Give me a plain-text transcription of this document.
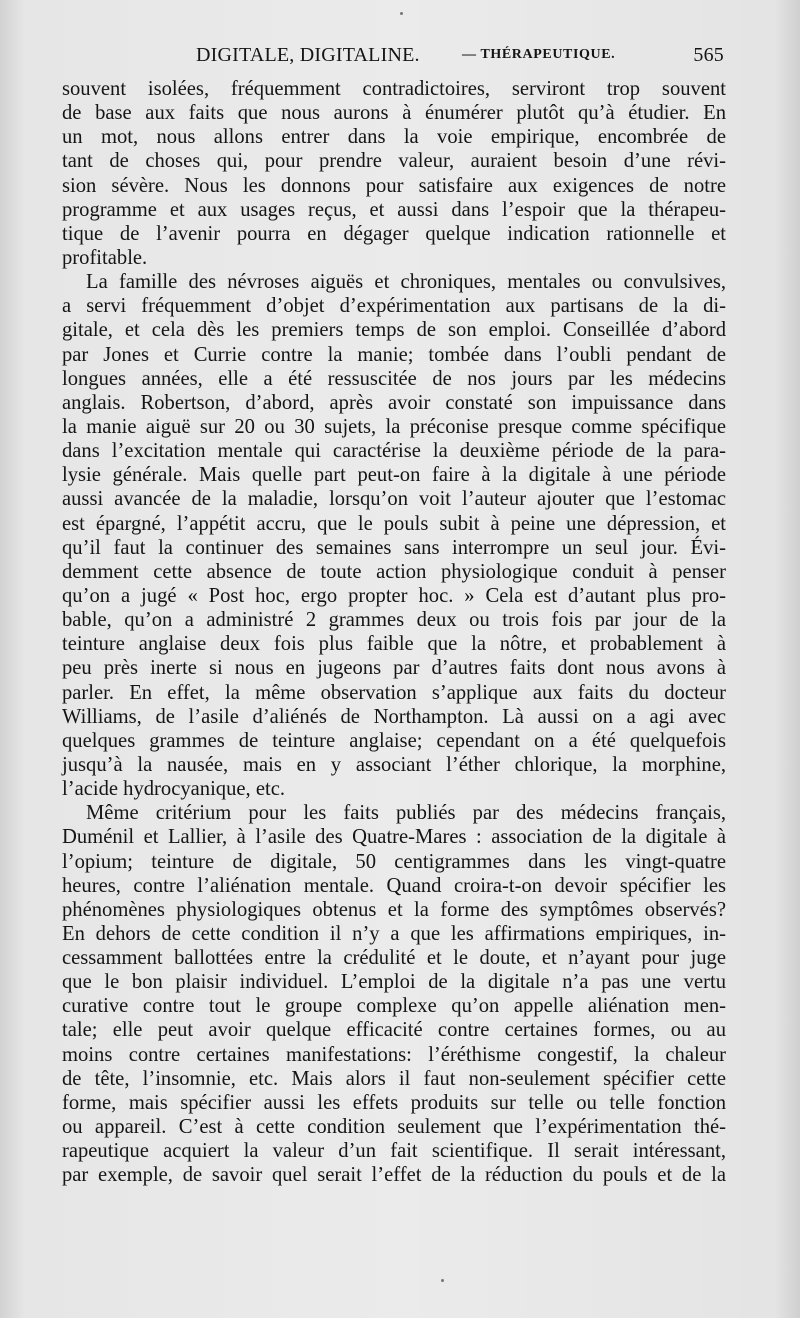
DIGITALE, DIGITALINE.	— THÉRAPEUTIQUE.	565
souvent isolées, fréquemment contradictoires, serviront trop souvent
de base aux faits que nous aurons à énumérer plutôt qu’à étudier. En
un mot, nous allons entrer dans la voie empirique, encombrée de
tant de choses qui, pour prendre valeur, auraient besoin d’une révi-
sion sévère. Nous les donnons pour satisfaire aux exigences de notre
programme et aux usages reçus, et aussi dans l’espoir que la thérapeu-
tique de l’avenir pourra en dégager quelque indication rationnelle et
profitable.
La famille des névroses aiguës et chroniques, mentales ou convulsives,
a servi fréquemment d’objet d’expérimentation aux partisans de la di-
gitale, et cela dès les premiers temps de son emploi. Conseillée d’abord
par Jones et Currie contre la manie; tombée dans l’oubli pendant de
longues années, elle a été ressuscitée de nos jours par les médecins
anglais. Robertson, d’abord, après avoir constaté son impuissance dans
la manie aiguë sur 20 ou 30 sujets, la préconise presque comme spécifique
dans l’excitation mentale qui caractérise la deuxième période de la para-
lysie générale. Mais quelle part peut-on faire à la digitale à une période
aussi avancée de la maladie, lorsqu’on voit l’auteur ajouter que l’estomac
est épargné, l’appétit accru, que le pouls subit à peine une dépression, et
qu’il faut la continuer des semaines sans interrompre un seul jour. Évi-
demment cette absence de toute action physiologique conduit à penser
qu’on a jugé « Post hoc, ergo propter hoc. » Cela est d’autant plus pro-
bable, qu’on a administré 2 grammes deux ou trois fois par jour de la
teinture anglaise deux fois plus faible que la nôtre, et probablement à
peu près inerte si nous en jugeons par d’autres faits dont nous avons à
parler. En effet, la même observation s’applique aux faits du docteur
Williams, de l’asile d’aliénés de Northampton. Là aussi on a agi avec
quelques grammes de teinture anglaise; cependant on a été quelquefois
jusqu’à la nausée, mais en y associant l’éther chlorique, la morphine,
l’acide hydrocyanique, etc.
Même critérium pour les faits publiés par des médecins français,
Duménil et Lallier, à l’asile des Quatre-Mares : association de la digitale à
l’opium; teinture de digitale, 50 centigrammes dans les vingt-quatre
heures, contre l’aliénation mentale. Quand croira-t-on devoir spécifier les
phénomènes physiologiques obtenus et la forme des symptômes observés?
En dehors de cette condition il n’y a que les affirmations empiriques, in-
cessamment ballottées entre la crédulité et le doute, et n’ayant pour juge
que le bon plaisir individuel. L’emploi de la digitale n’a pas une vertu
curative contre tout le groupe complexe qu’on appelle aliénation men-
tale; elle peut avoir quelque efficacité contre certaines formes, ou au
moins contre certaines manifestations: l’éréthisme congestif, la chaleur
de tête, l’insomnie, etc. Mais alors il faut non-seulement spécifier cette
forme, mais spécifier aussi les effets produits sur telle ou telle fonction
ou appareil. C’est à cette condition seulement que l’expérimentation thé-
rapeutique acquiert la valeur d’un fait scientifique. Il serait intéressant,
par exemple, de savoir quel serait l’effet de la réduction du pouls et de la
